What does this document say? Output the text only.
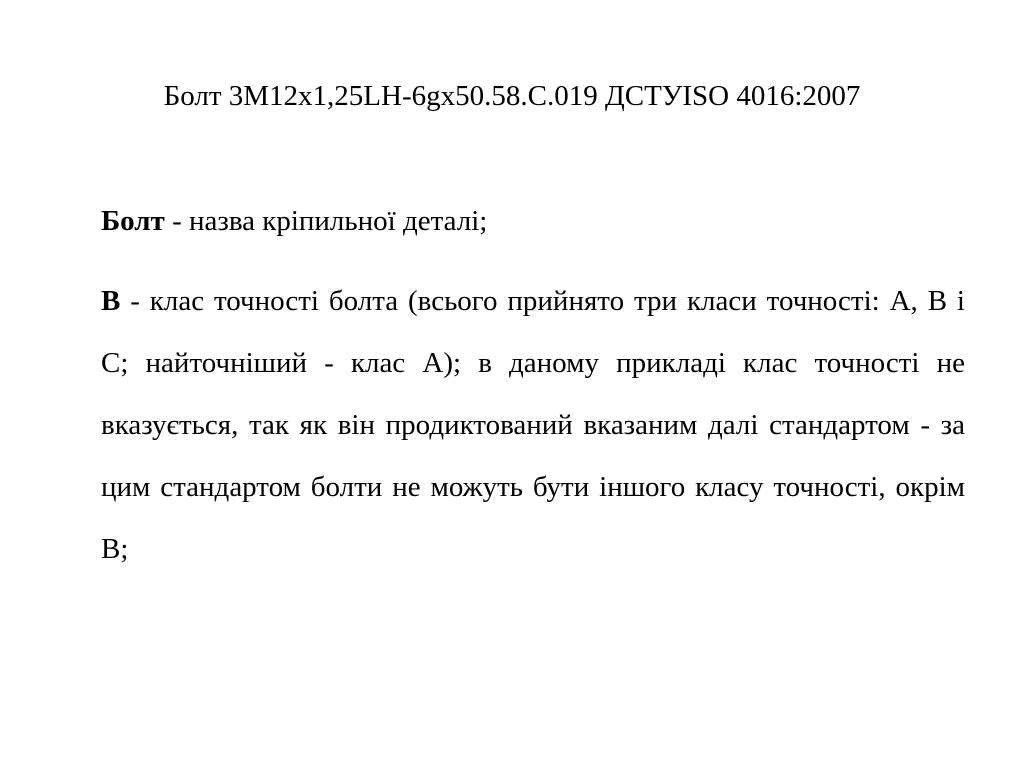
Болт 3М12х1,25LH-6gх50.58.С.019 ДСТУISO 4016:2007

Болт - назва кріпильної деталі;

В - клас точності болта (всього прийнято три класи точності: А, В і С; найточніший - клас А); в даному прикладі клас точності не вказується, так як він продиктований вказаним далі стандартом - за цим стандартом болти не можуть бути іншого класу точності, окрім В;
